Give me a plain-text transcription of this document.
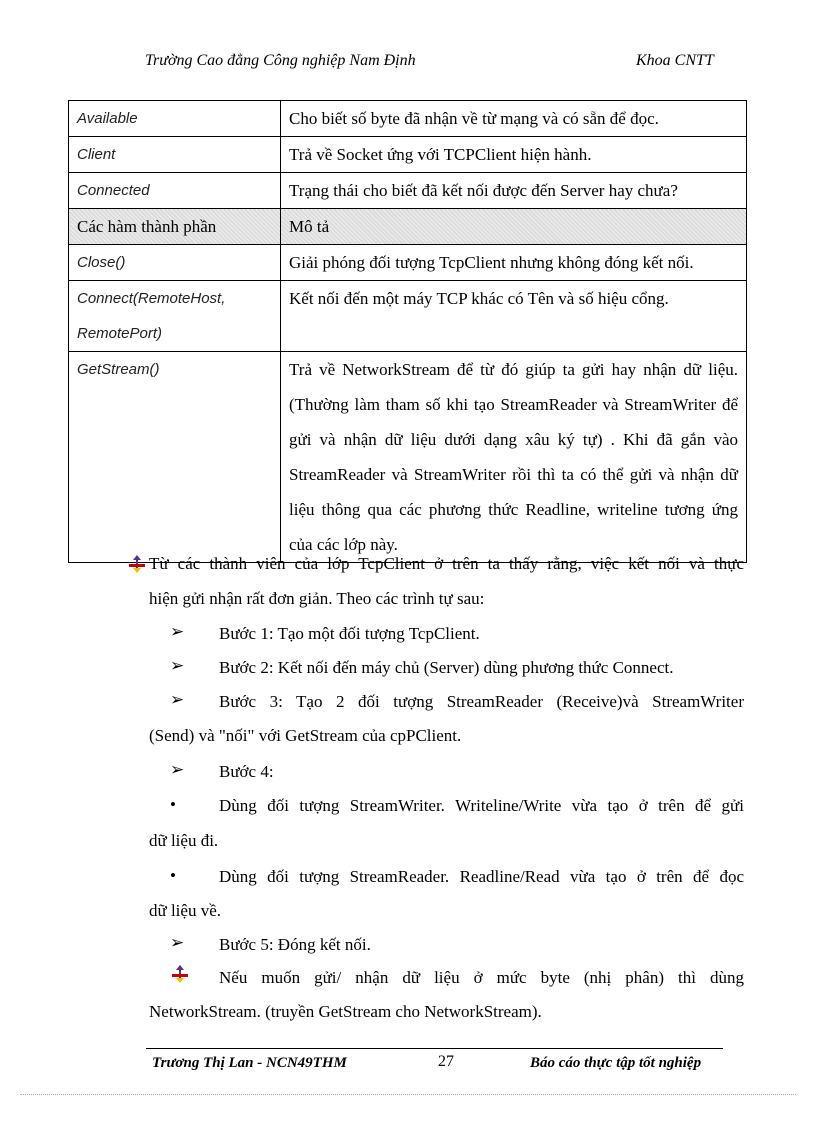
Trường Cao đẳng Công nghiệp Nam Định	Khoa CNTT
Available	Cho biết số byte đã nhận về từ mạng và có sẵn để đọc.
Client	Trả về Socket ứng với TCPClient hiện hành.
Connected	Trạng thái cho biết đã kết nối được đến Server hay chưa?
Các hàm thành phần	Mô tả
Close()	Giải phóng đối tượng TcpClient nhưng không đóng kết nối.
Connect(RemoteHost, RemotePort)	Kết nối đến một máy TCP khác có Tên và số hiệu cổng.
GetStream()	Trả về NetworkStream để từ đó giúp ta gửi hay nhận dữ liệu. (Thường làm tham số khi tạo StreamReader và StreamWriter để gửi và nhận dữ liệu dưới dạng xâu ký tự) . Khi đã gắn vào StreamReader và StreamWriter rồi thì ta có thể gửi và nhận dữ liệu thông qua các phương thức Readline, writeline tương ứng của các lớp này.
Từ các thành viên của lớp TcpClient ở trên ta thấy rằng, việc kết nối và thực
hiện gửi nhận rất đơn giản. Theo các trình tự sau:
➢ Bước 1: Tạo một đối tượng TcpClient.
➢ Bước 2: Kết nối đến máy chủ (Server) dùng phương thức Connect.
➢ Bước 3: Tạo 2 đối tượng StreamReader (Receive)và StreamWriter
(Send) và "nối" với GetStream của cpPClient.
➢ Bước 4:
•	Dùng đối tượng StreamWriter. Writeline/Write vừa tạo ở trên để gửi
dữ liệu đi.
•	Dùng đối tượng StreamReader. Readline/Read vừa tạo ở trên để đọc
dữ liệu về.
➢ Bước 5: Đóng kết nối.
Nếu muốn gửi/ nhận dữ liệu ở mức byte (nhị phân) thì dùng
NetworkStream. (truyền GetStream cho NetworkStream).
Trương Thị Lan - NCN49THM	27	Báo cáo thực tập tốt nghiệp
